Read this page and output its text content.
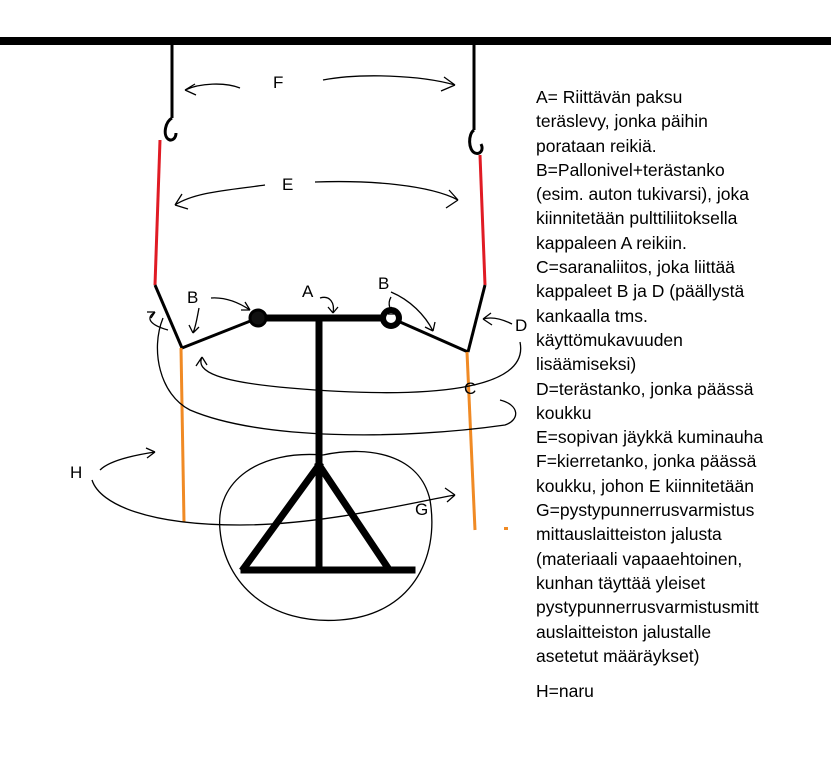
F
E
B	A	B
D
C
H
G
A= Riittävän paksu
teräslevy, jonka päihin
porataan reikiä.
B=Pallonivel+terästanko
(esim. auton tukivarsi), joka
kiinnitetään pulttiliitoksella
kappaleen A reikiin.
C=saranaliitos, joka liittää
kappaleet B ja D (päällystä
kankaalla tms.
käyttömukavuuden
lisäämiseksi)
D=terästanko, jonka päässä
koukku
E=sopivan jäykkä kuminauha
F=kierretanko, jonka päässä
koukku, johon E kiinnitetään
G=pystypunnerrusvarmistus
mittauslaitteiston jalusta
(materiaali vapaaehtoinen,
kunhan täyttää yleiset
pystypunnerrusvarmistusmitt
auslaitteiston jalustalle
asetetut määräykset)
H=naru
